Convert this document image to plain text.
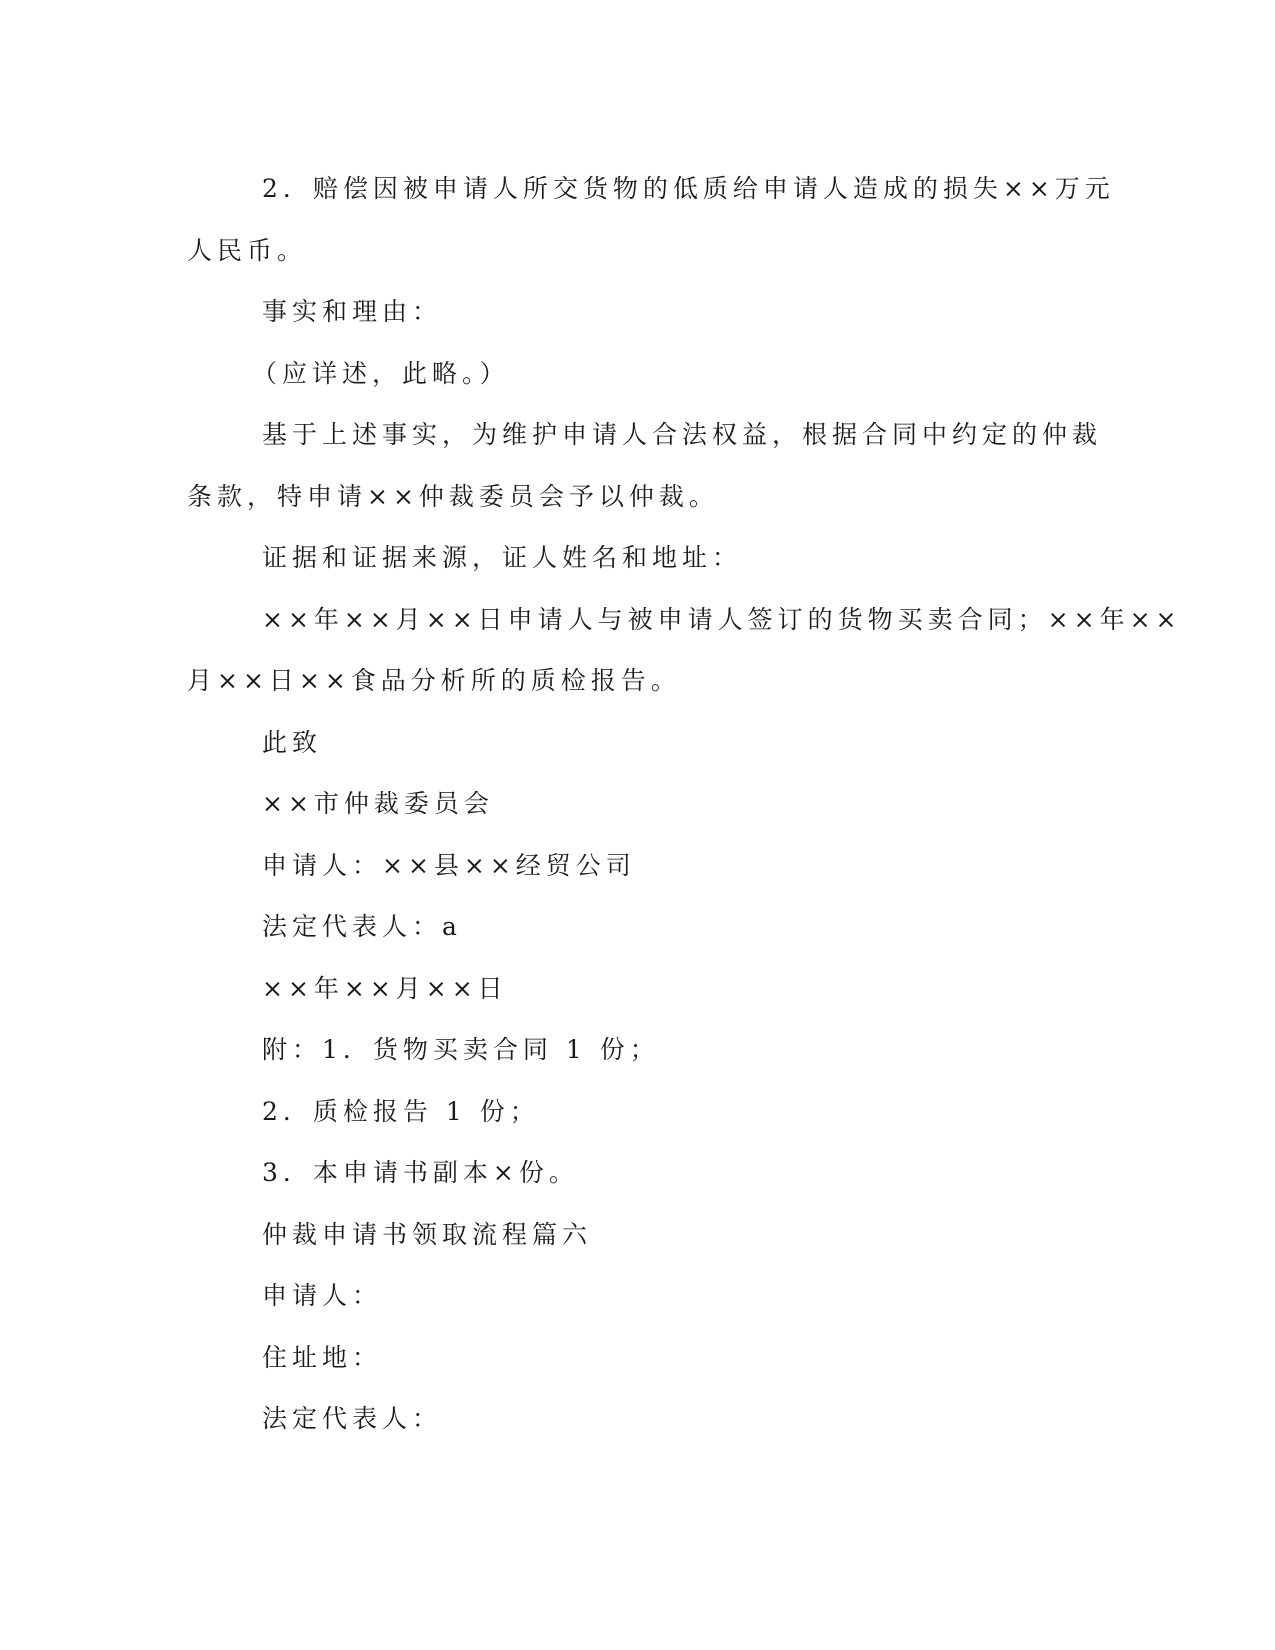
2．赔偿因被申请人所交货物的低质给申请人造成的损失××万元
人民币。
事实和理由：
（应详述，此略。）
基于上述事实，为维护申请人合法权益，根据合同中约定的仲裁
条款，特申请××仲裁委员会予以仲裁。
证据和证据来源，证人姓名和地址：
××年××月××日申请人与被申请人签订的货物买卖合同；××年××
月××日××食品分析所的质检报告。
此致
××市仲裁委员会
申请人：××县××经贸公司
法定代表人：a
××年××月××日
附：1．货物买卖合同 1 份；
2．质检报告 1 份；
3．本申请书副本×份。
仲裁申请书领取流程篇六
申请人：
住址地：
法定代表人：
